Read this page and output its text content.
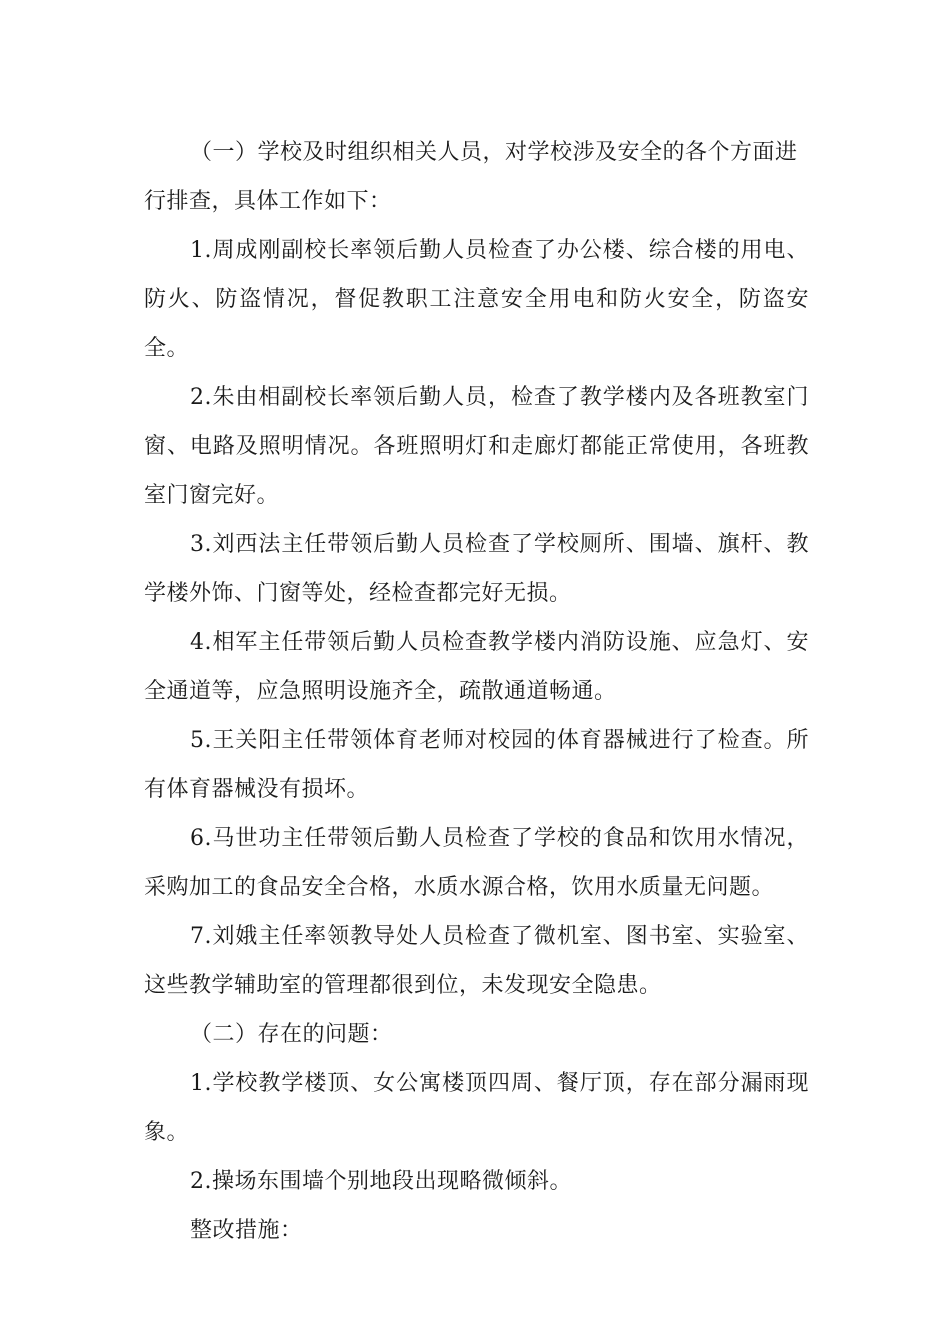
（一）学校及时组织相关人员，对学校涉及安全的各个方面进行排查，具体工作如下：

1.周成刚副校长率领后勤人员检查了办公楼、综合楼的用电、防火、防盗情况，督促教职工注意安全用电和防火安全，防盗安全。

2.朱由相副校长率领后勤人员，检查了教学楼内及各班教室门窗、电路及照明情况。各班照明灯和走廊灯都能正常使用，各班教室门窗完好。

3.刘西法主任带领后勤人员检查了学校厕所、围墙、旗杆、教学楼外饰、门窗等处，经检查都完好无损。

4.相军主任带领后勤人员检查教学楼内消防设施、应急灯、安全通道等，应急照明设施齐全，疏散通道畅通。

5.王关阳主任带领体育老师对校园的体育器械进行了检查。所有体育器械没有损坏。

6.马世功主任带领后勤人员检查了学校的食品和饮用水情况，采购加工的食品安全合格，水质水源合格，饮用水质量无问题。

7.刘娥主任率领教导处人员检查了微机室、图书室、实验室、这些教学辅助室的管理都很到位，未发现安全隐患。

（二）存在的问题：

1.学校教学楼顶、女公寓楼顶四周、餐厅顶，存在部分漏雨现象。

2.操场东围墙个别地段出现略微倾斜。

整改措施：
